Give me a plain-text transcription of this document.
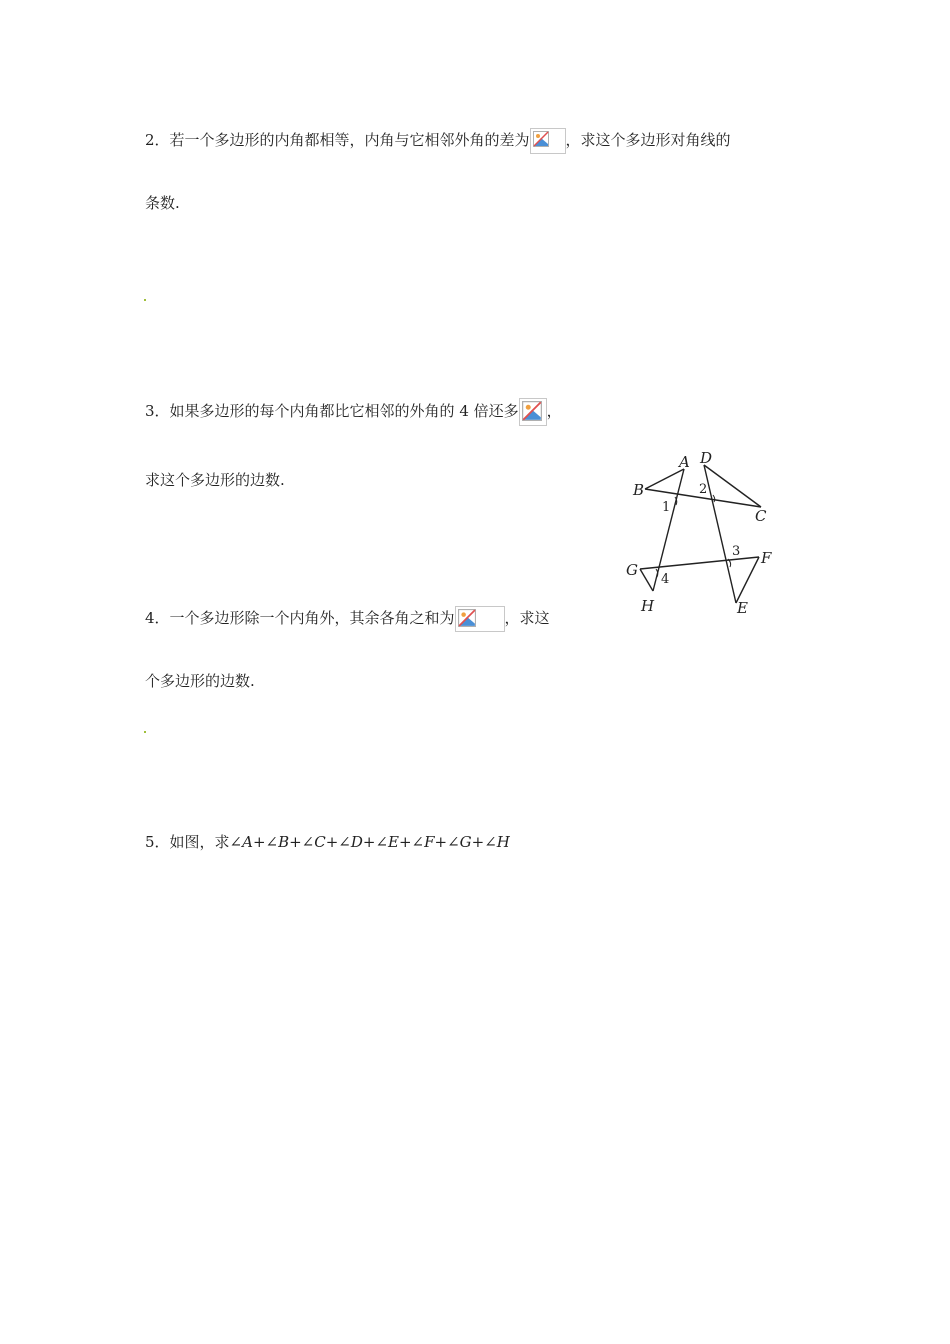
2．若一个多边形的内角都相等，内角与它相邻外角的差为 ，求这个多边形对角线的
条数.
3．如果多边形的每个内角都比它相邻的外角的 4 倍还多 ，
求这个多边形的边数.
A D
B
C
1
2
3
4
G
F
H	E
4．一个多边形除一个内角外，其余各角之和为	，求这
个多边形的边数.
5．如图，求∠A+∠B+∠C+∠D+∠E+∠F+∠G+∠H
